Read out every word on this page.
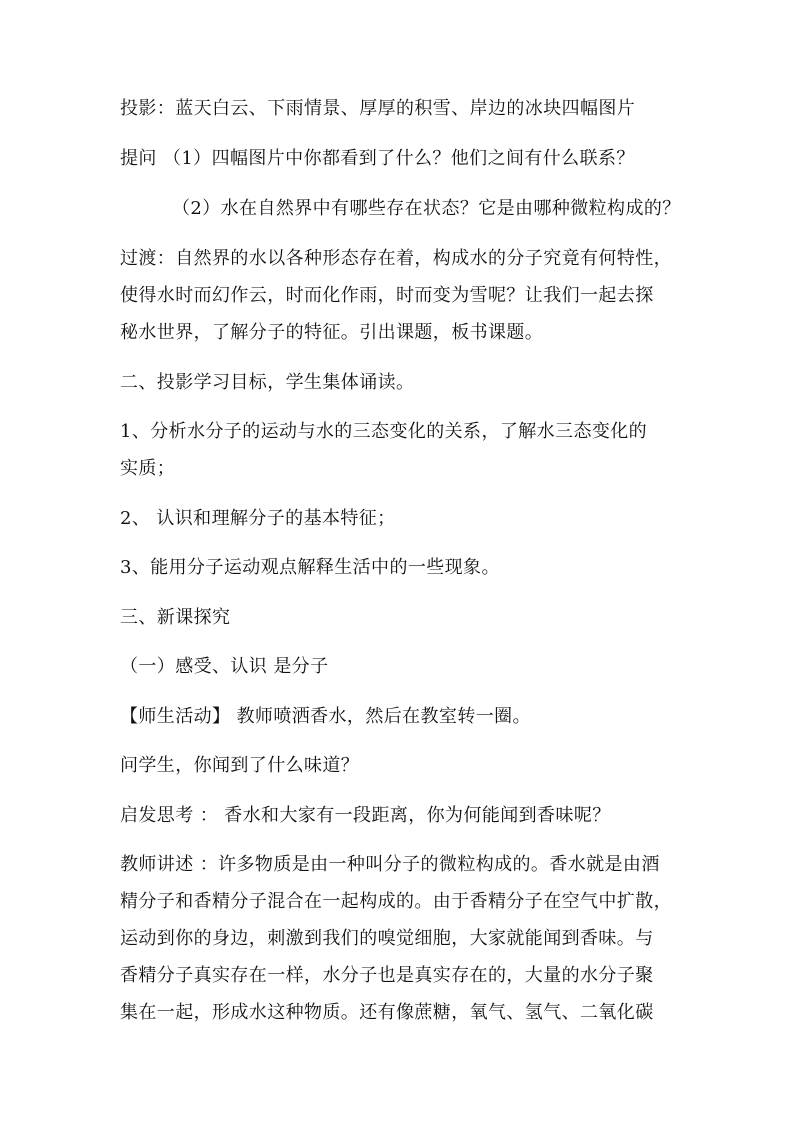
投影：蓝天白云、下雨情景、厚厚的积雪、岸边的冰块四幅图片
提问 （1）四幅图片中你都看到了什么？他们之间有什么联系？
（2）水在自然界中有哪些存在状态？它是由哪种微粒构成的？
过渡：自然界的水以各种形态存在着，构成水的分子究竟有何特性，
使得水时而幻作云，时而化作雨，时而变为雪呢？让我们一起去探
秘水世界，了解分子的特征。引出课题，板书课题。
二、投影学习目标，学生集体诵读。
1、分析水分子的运动与水的三态变化的关系，了解水三态变化的
实质；
2、 认识和理解分子的基本特征；
3、能用分子运动观点解释生活中的一些现象。
三、新课探究
（一）感受、认识 是分子
【师生活动】 教师喷洒香水，然后在教室转一圈。
问学生，你闻到了什么味道？
启发思考 ： 香水和大家有一段距离，你为何能闻到香味呢？
教师讲述 ：许多物质是由一种叫分子的微粒构成的。香水就是由酒
精分子和香精分子混合在一起构成的。由于香精分子在空气中扩散，
运动到你的身边，刺激到我们的嗅觉细胞，大家就能闻到香味。与
香精分子真实存在一样，水分子也是真实存在的，大量的水分子聚
集在一起，形成水这种物质。还有像蔗糖，氧气、氢气、二氧化碳
